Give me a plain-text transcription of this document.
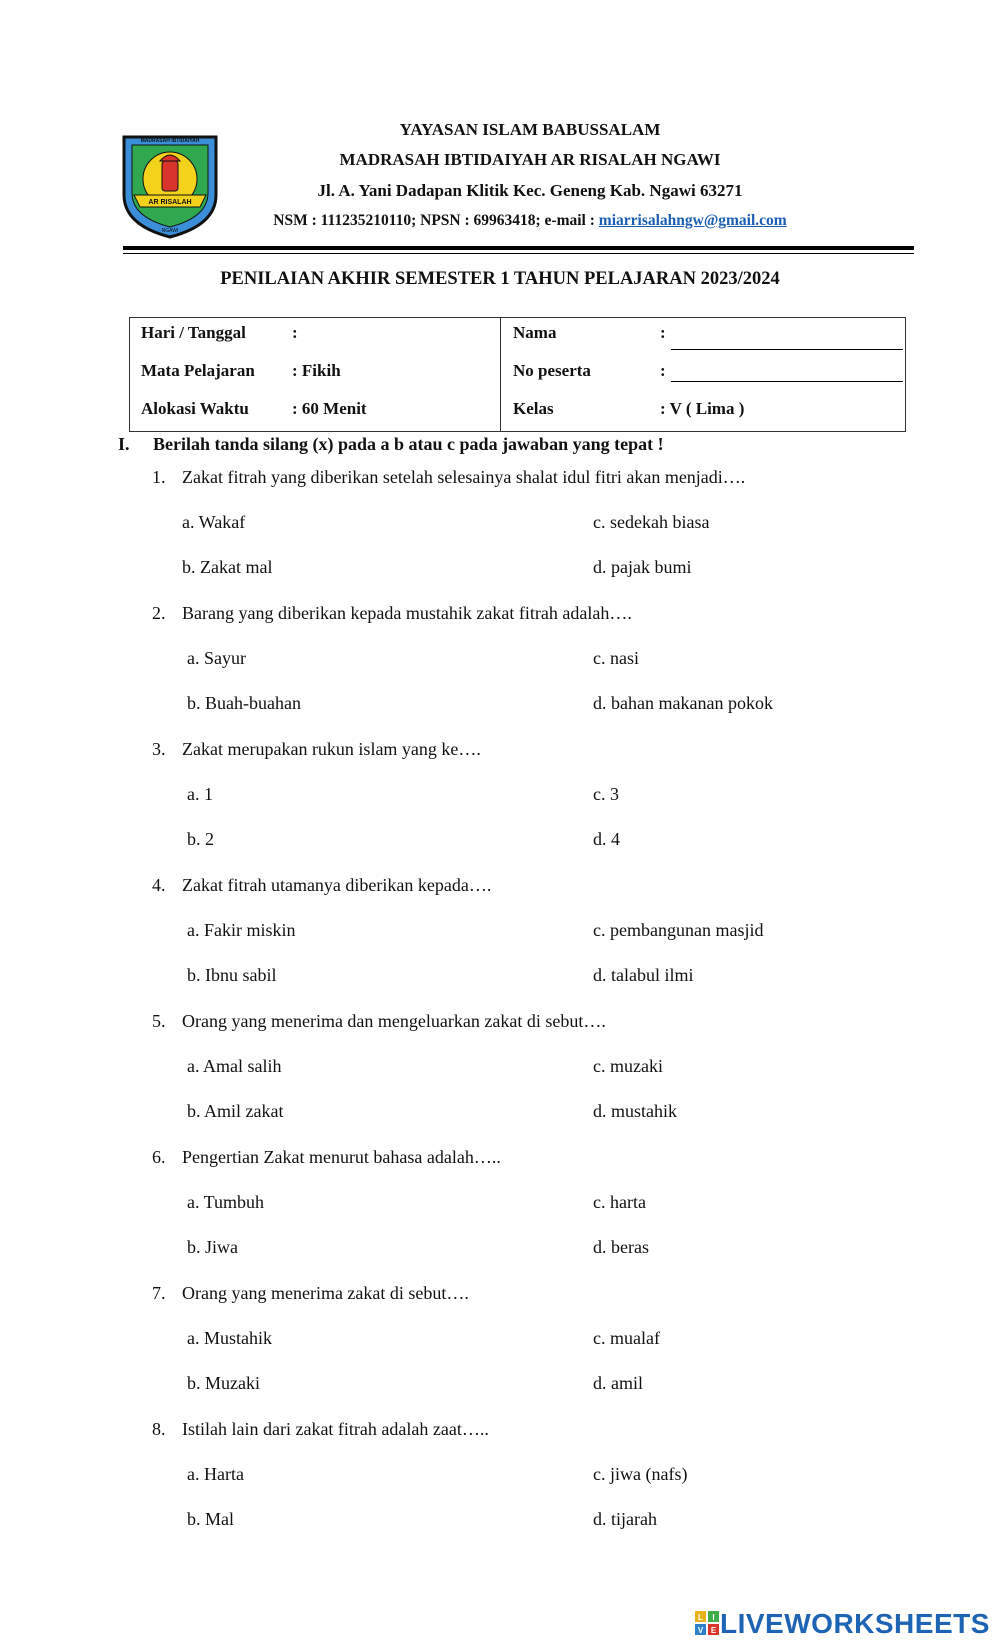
MADRASAH IBTIDAIYAH
AR RISALAH
NGAWI
YAYASAN ISLAM BABUSSALAM
MADRASAH IBTIDAIYAH AR RISALAH NGAWI
Jl. A. Yani Dadapan Klitik Kec. Geneng Kab. Ngawi 63271
NSM : 111235210110; NPSN : 69963418; e-mail : miarrisalahngw@gmail.com
PENILAIAN AKHIR SEMESTER 1 TAHUN PELAJARAN 2023/2024
Hari / Tanggal	:
Mata Pelajaran : Fikih
Alokasi Waktu	: 60 Menit
Nama	:
No peserta	:
Kelas	: V ( Lima )
I. Berilah tanda silang (x) pada a b atau c pada jawaban yang tepat !
1. Zakat fitrah yang diberikan setelah selesainya shalat idul fitri akan menjadi….
a. Wakaf	c. sedekah biasa
b. Zakat mal	d. pajak bumi
2. Barang yang diberikan kepada mustahik zakat fitrah adalah….
a. Sayur	c. nasi
b. Buah-buahan	d. bahan makanan pokok
3. Zakat merupakan rukun islam yang ke….
a. 1	c. 3
b. 2	d. 4
4. Zakat fitrah utamanya diberikan kepada….
a. Fakir miskin	c. pembangunan masjid
b. Ibnu sabil	d. talabul ilmi
5. Orang yang menerima dan mengeluarkan zakat di sebut….
a. Amal salih	c. muzaki
b. Amil zakat	d. mustahik
6. Pengertian Zakat menurut bahasa adalah…..
a. Tumbuh	c. harta
b. Jiwa	d. beras
7. Orang yang menerima zakat di sebut….
a. Mustahik	c. mualaf
b. Muzaki	d. amil
8. Istilah lain dari zakat fitrah adalah zaat…..
a. Harta	c. jiwa (nafs)
b. Mal	d. tijarah
L I
V E LIVEWORKSHEETS
